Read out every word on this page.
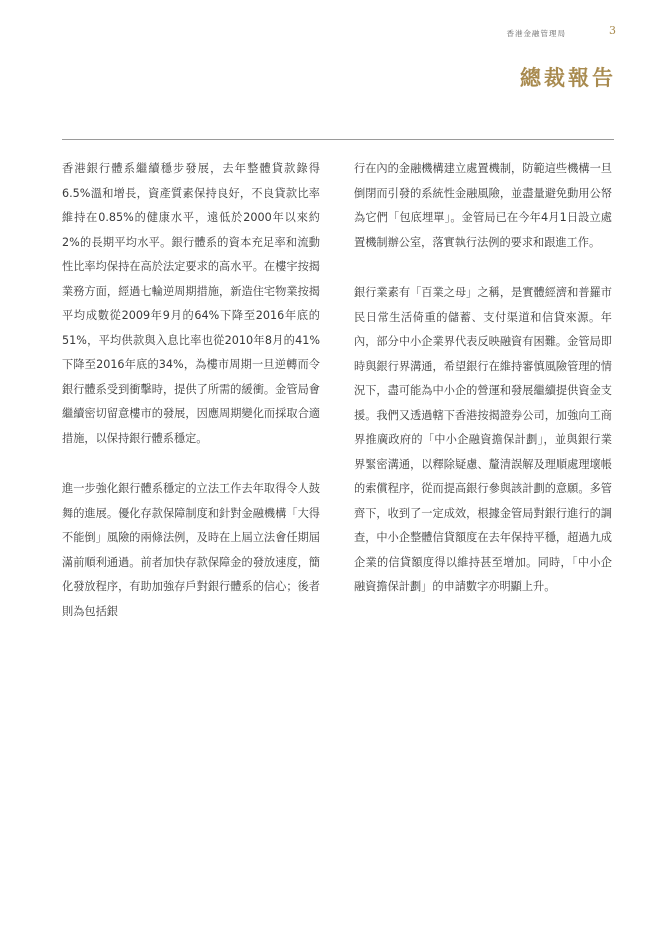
香港金融管理局	3
總裁報告

香港銀行體系繼續穩步發展，去年整體貸款錄得6.5%溫和增長，資產質素保持良好，不良貸款比率維持在0.85%的健康水平，遠低於2000年以來約2%的長期平均水平。銀行體系的資本充足率和流動性比率均保持在高於法定要求的高水平。在樓宇按揭業務方面，經過七輪逆周期措施，新造住宅物業按揭平均成數從2009年9月的64%下降至2016年底的51%，平均供款與入息比率也從2010年8月的41%下降至2016年底的34%，為樓市周期一旦逆轉而令銀行體系受到衝擊時，提供了所需的緩衝。金管局會繼續密切留意樓市的發展，因應周期變化而採取合適措施，以保持銀行體系穩定。

進一步強化銀行體系穩定的立法工作去年取得令人鼓舞的進展。優化存款保障制度和針對金融機構「大得不能倒」風險的兩條法例，及時在上屆立法會任期屆滿前順利通過。前者加快存款保障金的發放速度，簡化發放程序，有助加強存戶對銀行體系的信心；後者則為包括銀

行在內的金融機構建立處置機制，防範這些機構一旦倒閉而引發的系統性金融風險，並盡量避免動用公帑為它們「包底埋單」。金管局已在今年4月1日設立處置機制辦公室，落實執行法例的要求和跟進工作。

銀行業素有「百業之母」之稱，是實體經濟和普羅市民日常生活倚重的儲蓄、支付渠道和信貸來源。年內，部分中小企業界代表反映融資有困難。金管局即時與銀行界溝通，希望銀行在維持審慎風險管理的情況下，盡可能為中小企的營運和發展繼續提供資金支援。我們又透過轄下香港按揭證券公司，加強向工商界推廣政府的「中小企融資擔保計劃」，並與銀行業界緊密溝通，以釋除疑慮、釐清誤解及理順處理壞帳的索償程序，從而提高銀行參與該計劃的意願。多管齊下，收到了一定成效，根據金管局對銀行進行的調查，中小企整體信貸額度在去年保持平穩，超過九成企業的信貸額度得以維持甚至增加。同時，「中小企融資擔保計劃」的申請數字亦明顯上升。
